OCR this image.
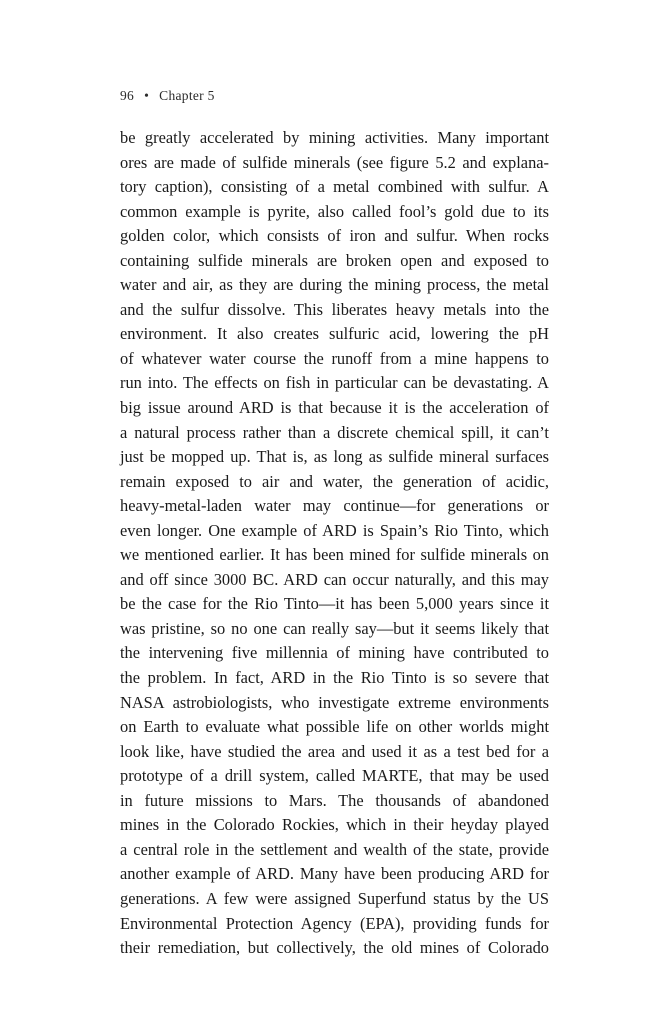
96 • Chapter 5
be greatly accelerated by mining activities. Many important
ores are made of sulfide minerals (see figure 5.2 and explana-
tory caption), consisting of a metal combined with sulfur. A
common example is pyrite, also called fool’s gold due to its
golden color, which consists of iron and sulfur. When rocks
containing sulfide minerals are broken open and exposed to
water and air, as they are during the mining process, the metal
and the sulfur dissolve. This liberates heavy metals into the
environment. It also creates sulfuric acid, lowering the pH
of whatever water course the runoff from a mine happens to
run into. The effects on fish in particular can be devastating. A
big issue around ARD is that because it is the acceleration of
a natural process rather than a discrete chemical spill, it can’t
just be mopped up. That is, as long as sulfide mineral surfaces
remain exposed to air and water, the generation of acidic,
heavy-metal-laden water may continue—for generations or
even longer. One example of ARD is Spain’s Rio Tinto, which
we mentioned earlier. It has been mined for sulfide minerals on
and off since 3000 BC. ARD can occur naturally, and this may
be the case for the Rio Tinto—it has been 5,000 years since it
was pristine, so no one can really say—but it seems likely that
the intervening five millennia of mining have contributed to
the problem. In fact, ARD in the Rio Tinto is so severe that
NASA astrobiologists, who investigate extreme environments
on Earth to evaluate what possible life on other worlds might
look like, have studied the area and used it as a test bed for a
prototype of a drill system, called MARTE, that may be used
in future missions to Mars. The thousands of abandoned
mines in the Colorado Rockies, which in their heyday played
a central role in the settlement and wealth of the state, provide
another example of ARD. Many have been producing ARD for
generations. A few were assigned Superfund status by the US
Environmental Protection Agency (EPA), providing funds for
their remediation, but collectively, the old mines of Colorado
